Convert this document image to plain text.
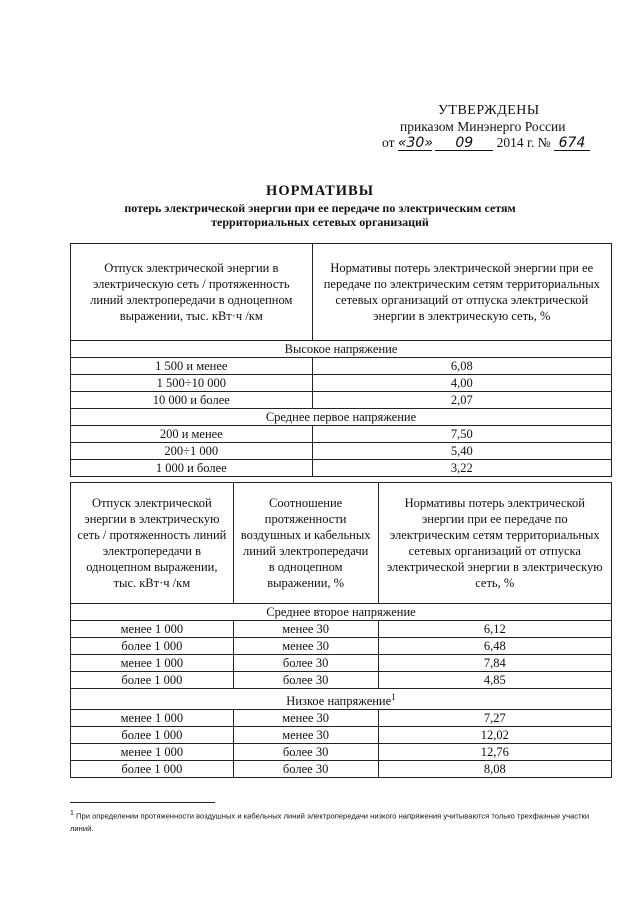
УТВЕРЖДЕНЫ
приказом Минэнерго России
от «30» 09 2014 г. № 674
НОРМАТИВЫ
потерь электрической энергии при ее передаче по электрическим сетям
территориальных сетевых организаций
Отпуск электрической энергии в электрическую сеть / протяженность линий электропередачи в одноцепном выражении, тыс. кВт·ч /км	Нормативы потерь электрической энергии при ее передаче по электрическим сетям территориальных сетевых организаций от отпуска электрической энергии в электрическую сеть, %
Высокое напряжение	
1 500 и менее	6,08
1 500÷10 000	4,00
10 000 и более	2,07
Среднее первое напряжение	
200 и менее	7,50
200÷1 000	5,40
1 000 и более	3,22
Отпуск электрической энергии в электрическую сеть / протяженность линий электропередачи в одноцепном выражении, тыс. кВт·ч /км	Соотношение протяженности воздушных и кабельных линий электропередачи в одноцепном выражении, %	Нормативы потерь электрической энергии при ее передаче по электрическим сетям территориальных сетевых организаций от отпуска электрической энергии в электрическую сеть, %
Среднее второе напряжение		
менее 1 000	менее 30	6,12
более 1 000	менее 30	6,48
менее 1 000	более 30	7,84
более 1 000	более 30	4,85
Низкое напряжение$^1$
менее 1 000	менее 30	7,27
более 1 000	менее 30	12,02
менее 1 000	более 30	12,76
более 1 000	более 30	8,08
$^1$ При определении протяженности воздушных и кабельных линий электропередачи низкого напряжения учитываются только трехфазные участки линий.
